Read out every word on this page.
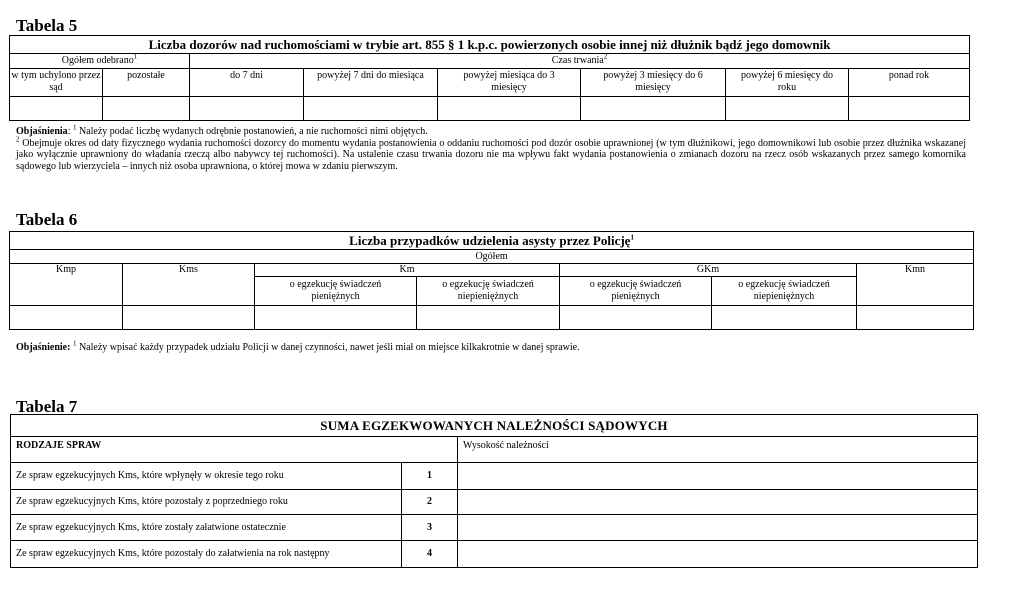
Tabela 5
Liczba dozorów nad ruchomościami w trybie art. 855 § 1 k.p.c. powierzonych osobie innej niż dłużnik bądź jego domownik							
Ogółem odebrano$^1$		Czas trwania$^2$
w tym uchylono przez sąd	pozostałe	do 7 dni	powyżej 7 dni do miesiąca	powyżej miesiąca do 3 miesięcy	powyżej 3 miesięcy do 6 miesięcy	powyżej 6 miesięcy do roku	ponad rok

Objaśnienia: $^1$ Należy podać liczbę wydanych odrębnie postanowień, a nie ruchomości nimi objętych.
$^2$ Obejmuje okres od daty fizycznego wydania ruchomości dozorcy do momentu wydania postanowienia o oddaniu ruchomości pod dozór osobie uprawnionej (w tym dłużnikowi, jego domownikowi lub osobie przez dłużnika wskazanej jako wyłącznie uprawniony do władania rzeczą albo nabywcy tej ruchomości). Na ustalenie czasu trwania dozoru nie ma wpływu fakt wydania postanowienia o zmianach dozoru na rzecz osób wskazanych przez samego komornika sądowego lub wierzyciela – innych niż osoba uprawniona, o której mowa w zdaniu pierwszym.
Tabela 6
Liczba przypadków udzielenia asysty przez Policję$^1$
Ogółem						
Kmp	Kms	Km		GKm		Kmn
		o egzekucję świadczeń pieniężnych	o egzekucję świadczeń niepieniężnych	o egzekucję świadczeń pieniężnych	o egzekucję świadczeń niepieniężnych	

Objaśnienie: $^1$ Należy wpisać każdy przypadek udziału Policji w danej czynności, nawet jeśli miał on miejsce kilkakrotnie w danej sprawie.
Tabela 7
SUMA EGZEKWOWANYCH NALEŻNOŚCI SĄDOWYCH		
RODZAJE SPRAW		Wysokość należności
Ze spraw egzekucyjnych Kms, które wpłynęły w okresie tego roku	1	
Ze spraw egzekucyjnych Kms, które pozostały z poprzedniego roku	2	
Ze spraw egzekucyjnych Kms, które zostały załatwione ostatecznie	3	
Ze spraw egzekucyjnych Kms, które pozostały do załatwienia na rok następny	4	
